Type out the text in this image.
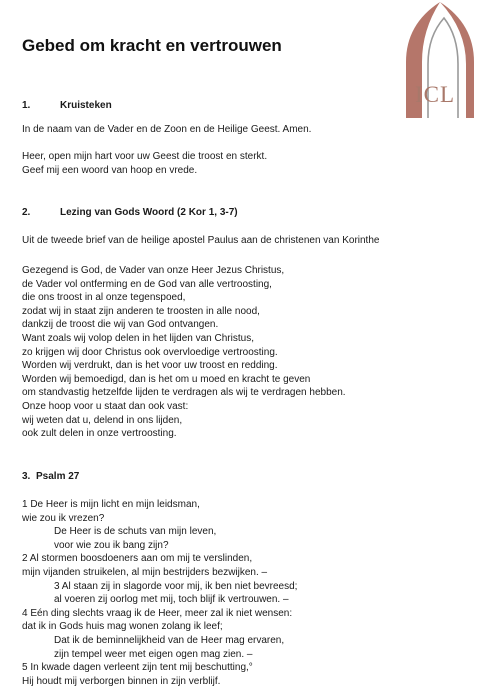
ICL
Gebed om kracht en vertrouwen
1.	Kruisteken
In de naam van de Vader en de Zoon en de Heilige Geest. Amen.
Heer, open mijn hart voor uw Geest die troost en sterkt.
Geef mij een woord van hoop en vrede.
2.	Lezing van Gods Woord (2 Kor 1, 3-7)
Uit de tweede brief van de heilige apostel Paulus aan de christenen van Korinthe
Gezegend is God, de Vader van onze Heer Jezus Christus,
de Vader vol ontferming en de God van alle vertroosting,
die ons troost in al onze tegenspoed,
zodat wij in staat zijn anderen te troosten in alle nood,
dankzij de troost die wij van God ontvangen.
Want zoals wij volop delen in het lijden van Christus,
zo krijgen wij door Christus ook overvloedige vertroosting.
Worden wij verdrukt, dan is het voor uw troost en redding.
Worden wij bemoedigd, dan is het om u moed en kracht te geven
om standvastig hetzelfde lijden te verdragen als wij te verdragen hebben.
Onze hoop voor u staat dan ook vast:
wij weten dat u, delend in ons lijden,
ook zult delen in onze vertroosting.
3. Psalm 27
1 De Heer is mijn licht en mijn leidsman,
wie zou ik vrezen?
De Heer is de schuts van mijn leven,
voor wie zou ik bang zijn?
2 Al stormen boosdoeners aan om mij te verslinden,
mijn vijanden struikelen, al mijn bestrijders bezwijken. –
3 Al staan zij in slagorde voor mij, ik ben niet bevreesd;
al voeren zij oorlog met mij, toch blijf ik vertrouwen. –
4 Eén ding slechts vraag ik de Heer, meer zal ik niet wensen:
dat ik in Gods huis mag wonen zolang ik leef;
Dat ik de beminnelijkheid van de Heer mag ervaren,
zijn tempel weer met eigen ogen mag zien. –
5 In kwade dagen verleent zijn tent mij beschutting,°
Hij houdt mij verborgen binnen in zijn verblijf.
